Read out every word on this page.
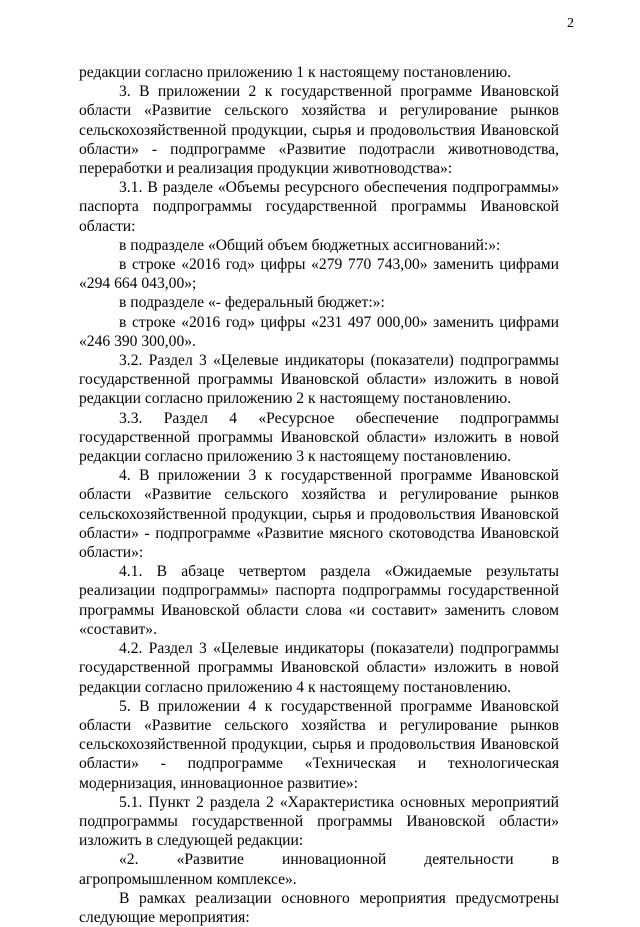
2

редакции согласно приложению 1 к настоящему постановлению.

3. В приложении 2 к государственной программе Ивановской области «Развитие сельского хозяйства и регулирование рынков сельскохозяйственной продукции, сырья и продовольствия Ивановской области» - подпрограмме «Развитие подотрасли животноводства, переработки и реализация продукции животноводства»:

3.1. В разделе «Объемы ресурсного обеспечения подпрограммы» паспорта подпрограммы государственной программы Ивановской области:

в подразделе «Общий объем бюджетных ассигнований:»:

в строке «2016 год» цифры «279 770 743,00» заменить цифрами «294 664 043,00»;

в подразделе «- федеральный бюджет:»:

в строке «2016 год» цифры «231 497 000,00» заменить цифрами «246 390 300,00».

3.2. Раздел 3 «Целевые индикаторы (показатели) подпрограммы государственной программы Ивановской области» изложить в новой редакции согласно приложению 2 к настоящему постановлению.

3.3. Раздел 4 «Ресурсное обеспечение подпрограммы государственной программы Ивановской области» изложить в новой редакции согласно приложению 3 к настоящему постановлению.

4. В приложении 3 к государственной программе Ивановской области «Развитие сельского хозяйства и регулирование рынков сельскохозяйственной продукции, сырья и продовольствия Ивановской области» - подпрограмме «Развитие мясного скотоводства Ивановской области»:

4.1. В абзаце четвертом раздела «Ожидаемые результаты реализации подпрограммы» паспорта подпрограммы государственной программы Ивановской области слова «и составит» заменить словом «составит».

4.2. Раздел 3 «Целевые индикаторы (показатели) подпрограммы государственной программы Ивановской области» изложить в новой редакции согласно приложению 4 к настоящему постановлению.

5. В приложении 4 к государственной программе Ивановской области «Развитие сельского хозяйства и регулирование рынков сельскохозяйственной продукции, сырья и продовольствия Ивановской области» - подпрограмме «Техническая и технологическая модернизация, инновационное развитие»:

5.1. Пункт 2 раздела 2 «Характеристика основных мероприятий подпрограммы государственной программы Ивановской области» изложить в следующей редакции:

«2. «Развитие инновационной деятельности в агропромышленном комплексе».

В рамках реализации основного мероприятия предусмотрены следующие мероприятия:
